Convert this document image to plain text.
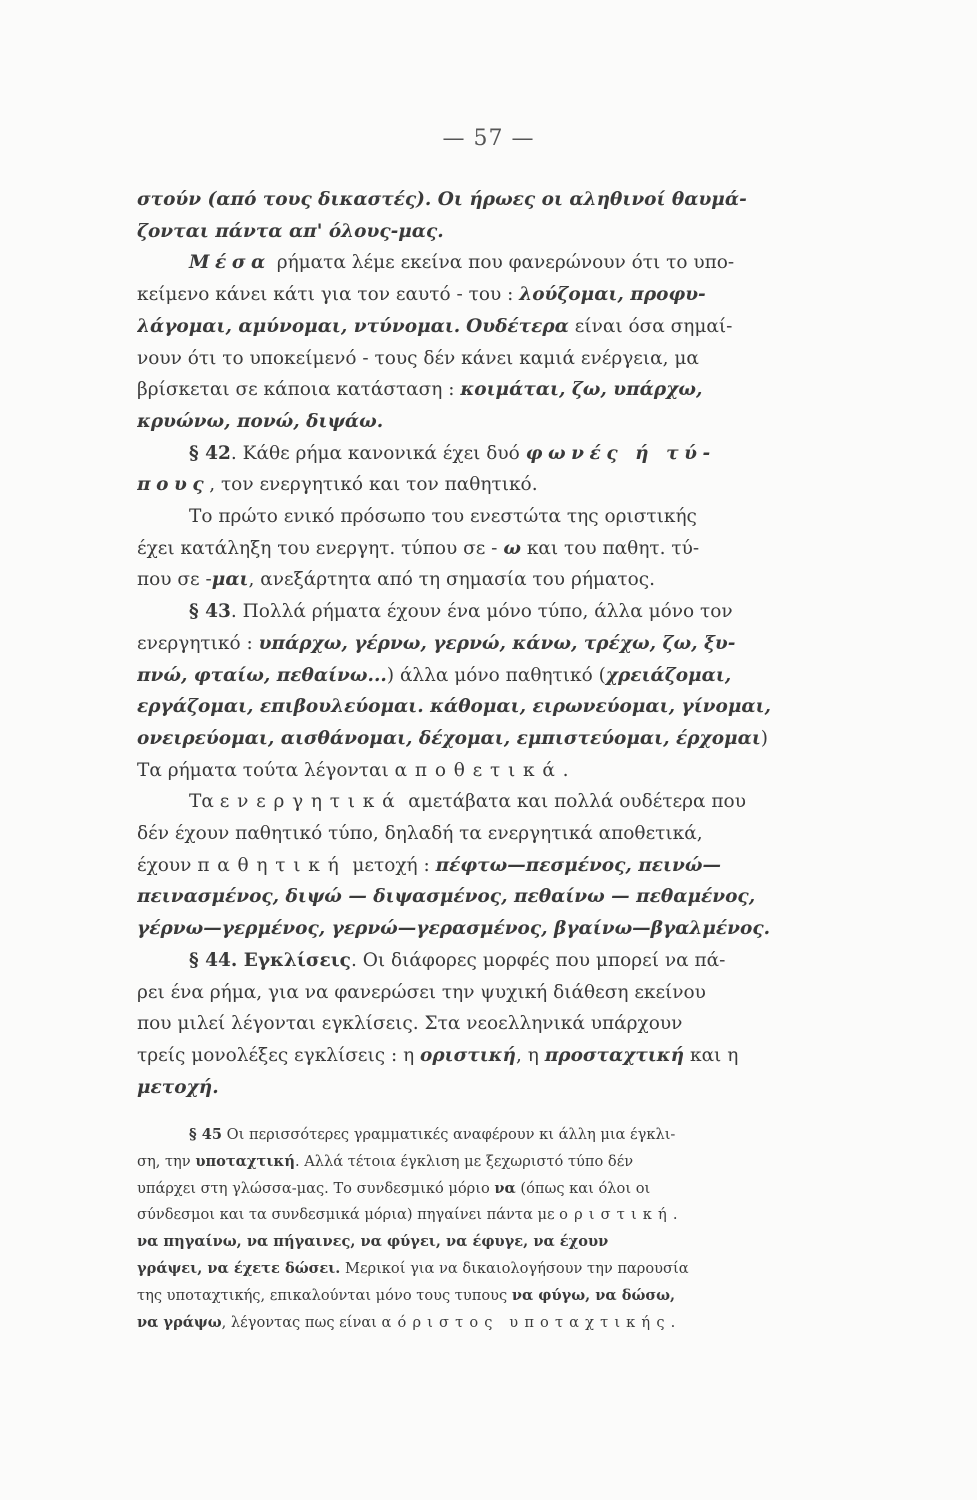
— 57 —
στούν (από τους δικαστές). Οι ήρωες οι αληθινοί θαυμά-
ζονται πάντα απ' όλους-μας.
Μέσα ρήματα λέμε εκείνα που φανερώνουν ότι το υπο-
κείμενο κάνει κάτι για τον εαυτό - του : λούζομαι, προφυ-
λάγομαι, αμύνομαι, ντύνομαι. Ουδέτερα είναι όσα σημαί-
νουν ότι το υποκείμενό - τους δέν κάνει καμιά ενέργεια, μα
βρίσκεται σε κάποια κατάσταση : κοιμάται, ζω, υπάρχω,
κρυώνω, πονώ, διψάω.
§ 42. Κάθε ρήμα κανονικά έχει δυό φωνές ή τύ-
πους, τον ενεργητικό και τον παθητικό.
Το πρώτο ενικό πρόσωπο του ενεστώτα της οριστικής
έχει κατάληξη του ενεργητ. τύπου σε - ω και του παθητ. τύ-
που σε -μαι, ανεξάρτητα από τη σημασία του ρήματος.
§ 43. Πολλά ρήματα έχουν ένα μόνο τύπο, άλλα μόνο τον
ενεργητικό : υπάρχω, γέρνω, γερνώ, κάνω, τρέχω, ζω, ξυ-
πνώ, φταίω, πεθαίνω...) άλλα μόνο παθητικό (χρειάζομαι,
εργάζομαι, επιβουλεύομαι. κάθομαι, ειρωνεύομαι, γίνομαι,
ονειρεύομαι, αισθάνομαι, δέχομαι, εμπιστεύομαι, έρχομαι)
Τα ρήματα τούτα λέγονται αποθετικά.
Τα ενεργητικά αμετάβατα και πολλά ουδέτερα που
δέν έχουν παθητικό τύπο, δηλαδή τα ενεργητικά αποθετικά,
έχουν παθητική μετοχή : πέφτω—πεσμένος, πεινώ—
πεινασμένος, διψώ — διψασμένος, πεθαίνω — πεθαμένος,
γέρνω—γερμένος, γερνώ—γερασμένος, βγαίνω—βγαλμένος.
§ 44. Εγκλίσεις. Οι διάφορες μορφές που μπορεί να πά-
ρει ένα ρήμα, για να φανερώσει την ψυχική διάθεση εκείνου
που μιλεί λέγονται εγκλίσεις. Στα νεοελληνικά υπάρχουν
τρείς μονολέξες εγκλίσεις : η οριστική, η προσταχτική και η
μετοχή.
§ 45 Οι περισσότερες γραμματικές αναφέρουν κι άλλη μια έγκλι-
ση, την υποταχτική. Αλλά τέτοια έγκλιση με ξεχωριστό τύπο δέν
υπάρχει στη γλώσσα-μας. Το συνδεσμικό μόριο να (όπως και όλοι οι
σύνδεσμοι και τα συνδεσμικά μόρια) πηγαίνει πάντα με οριστική.
να πηγαίνω, να πήγαινες, να φύγει, να έφυγε, να έχουν
γράψει, να έχετε δώσει. Μερικοί για να δικαιολογήσουν την παρουσία
της υποταχτικής, επικαλούνται μόνο τους τυπους να φύγω, να δώσω,
να γράψω, λέγοντας πως είναι αόριστος υποταχτικής.
